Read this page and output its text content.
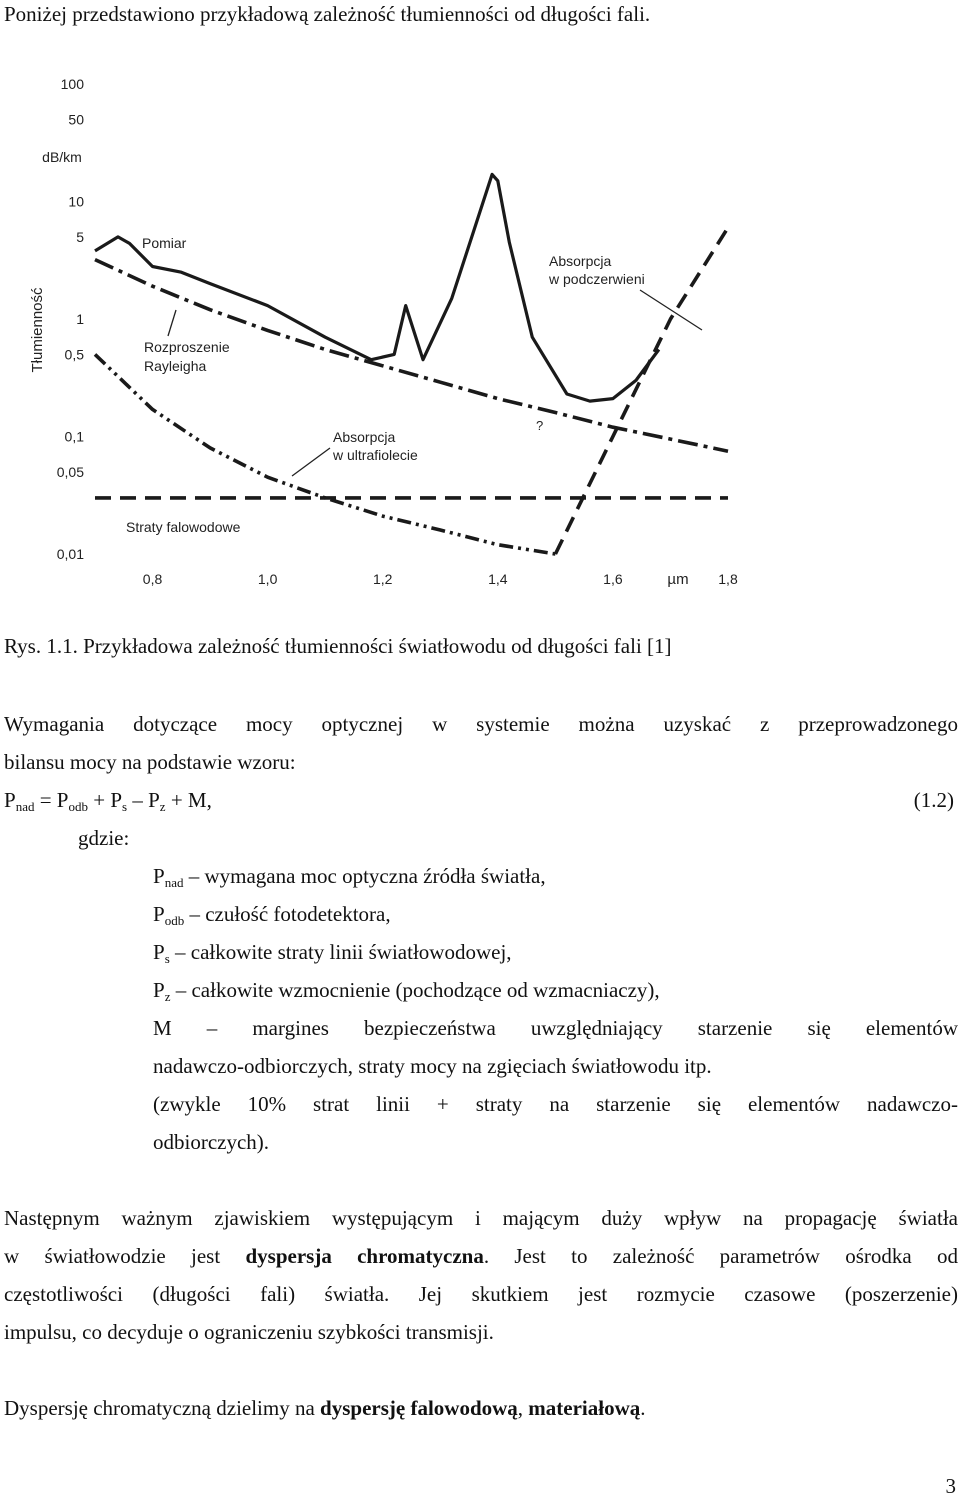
Poniżej przedstawiono przykładową zależność tłumienności od długości fali.
100
50
10
5
1
0,5
0,1
0,05
0,01
dB/km
Tłumienność
0,8	1,0	1,2	1,4	1,6	1,8
µm
Pomiar
Rozproszenie
Rayleigha
Absorpcja
w ultrafiolecie
Absorpcja
w podczerwieni
Straty falowodowe
?
Rys. 1.1. Przykładowa zależność tłumienności światłowodu od długości fali [1]
Wymagania dotyczące mocy optycznej w systemie można uzyskać z przeprowadzonego
bilansu mocy na podstawie wzoru:
$P_{nad} = P_{odb} + P_s - P_z + M$,	(1.2)
gdzie:
$P_{nad}$ – wymagana moc optyczna źródła światła,
$P_{odb}$ – czułość fotodetektora,
$P_s$ – całkowite straty linii światłowodowej,
$P_z$ – całkowite wzmocnienie (pochodzące od wzmacniaczy),
M – margines bezpieczeństwa uwzględniający starzenie się elementów
nadawczo-odbiorczych, straty mocy na zgięciach światłowodu itp.
(zwykle 10% strat linii + straty na starzenie się elementów nadawczo-
odbiorczych).
Następnym ważnym zjawiskiem występującym i mającym duży wpływ na propagację światła
w światłowodzie jest dyspersja chromatyczna. Jest to zależność parametrów ośrodka od
częstotliwości (długości fali) światła. Jej skutkiem jest rozmycie czasowe (poszerzenie)
impulsu, co decyduje o ograniczeniu szybkości transmisji.
Dyspersję chromatyczną dzielimy na dyspersję falowodową, materiałową.
3
